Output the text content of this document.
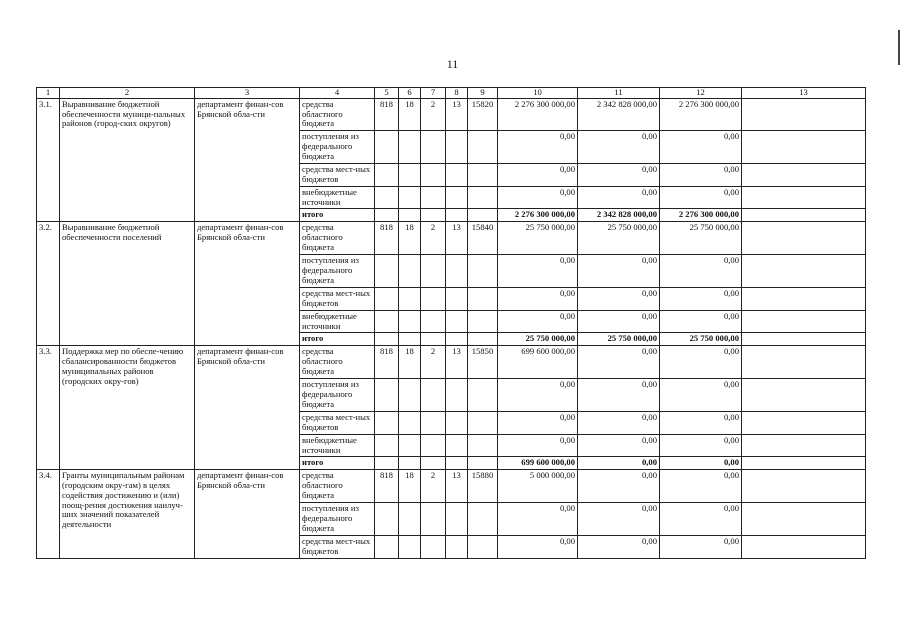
11
1	2	3	4	5	6	7	8	9	10	11	12	13
3.1.	Выравнивание бюджетной обеспеченности муници-пальных районов (город-ских округов)	департамент финан-сов Брянской обла-сти	средства областного бюджета	818	18	2	13	15820	2 276 300 000,00	2 342 828 000,00	2 276 300 000,00	
			поступления из федерального бюджета						0,00	0,00	0,00	
			средства мест-ных бюджетов						0,00	0,00	0,00	
			внебюджетные источники						0,00	0,00	0,00	
			итого						2 276 300 000,00	2 342 828 000,00	2 276 300 000,00	
3.2.	Выравнивание бюджетной обеспеченности поселений	департамент финан-сов Брянской обла-сти	средства областного бюджета	818	18	2	13	15840	25 750 000,00	25 750 000,00	25 750 000,00	
			поступления из федерального бюджета						0,00	0,00	0,00	
			средства мест-ных бюджетов						0,00	0,00	0,00	
			внебюджетные источники						0,00	0,00	0,00	
			итого						25 750 000,00	25 750 000,00	25 750 000,00	
3.3.	Поддержка мер по обеспе-чению сбалансированности бюджетов муниципальных районов (городских окру-гов)	департамент финан-сов Брянской обла-сти	средства областного бюджета	818	18	2	13	15850	699 600 000,00	0,00	0,00	
			поступления из федерального бюджета						0,00	0,00	0,00	
			средства мест-ных бюджетов						0,00	0,00	0,00	
			внебюджетные источники						0,00	0,00	0,00	
			итого						699 600 000,00	0,00	0,00	
3.4.	Гранты муниципальным районам (городским окру-гам) в целях содействия достижению и (или) поощ-рения достижения наилуч-ших значений показателей деятельности	департамент финан-сов Брянской обла-сти	средства областного бюджета	818	18	2	13	15880	5 000 000,00	0,00	0,00	
			поступления из федерального бюджета						0,00	0,00	0,00	
			средства мест-ных бюджетов						0,00	0,00	0,00	
